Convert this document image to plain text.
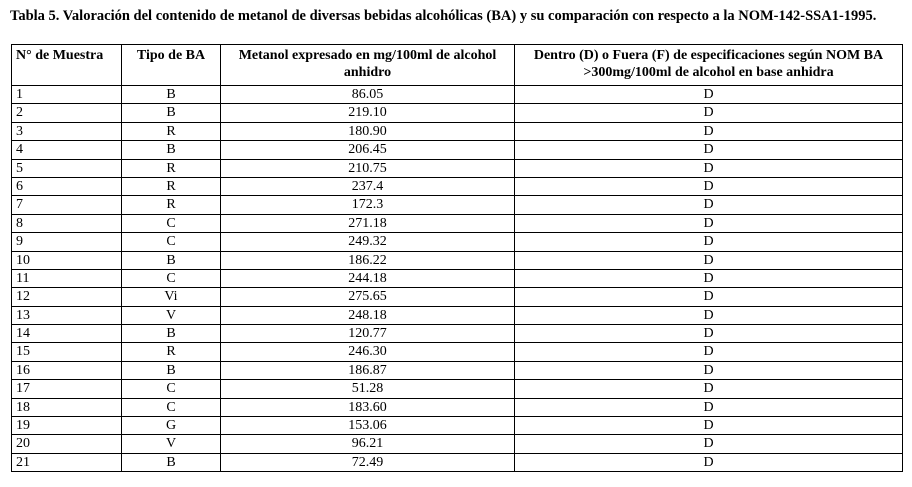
Tabla 5. Valoración del contenido de metanol de diversas bebidas alcohólicas (BA) y su comparación con respecto a la NOM-142-SSA1-1995.
N° de Muestra	Tipo de BA	Metanol expresado en mg/100ml de alcohol anhidro	Dentro (D) o Fuera (F) de especificaciones según NOM BA >300mg/100ml de alcohol en base anhidra
1	B	86.05	D
2	B	219.10	D
3	R	180.90	D
4	B	206.45	D
5	R	210.75	D
6	R	237.4	D
7	R	172.3	D
8	C	271.18	D
9	C	249.32	D
10	B	186.22	D
11	C	244.18	D
12	Vi	275.65	D
13	V	248.18	D
14	B	120.77	D
15	R	246.30	D
16	B	186.87	D
17	C	51.28	D
18	C	183.60	D
19	G	153.06	D
20	V	96.21	D
21	B	72.49	D
